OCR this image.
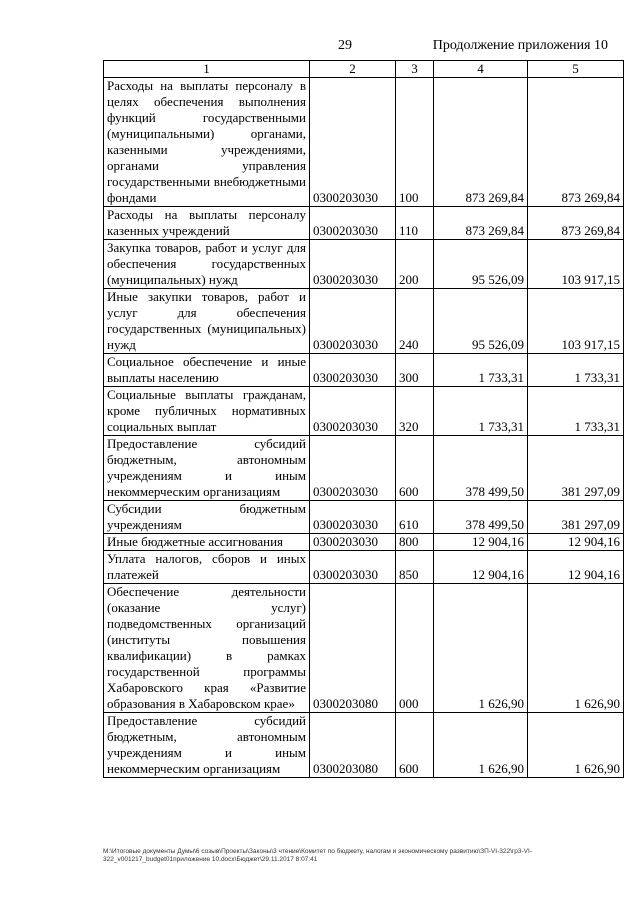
29	Продолжение приложения 10
1	2	3	4	5
Расходы на выплаты персоналу в целях обеспечения выполнения функций государственными (муниципальными) органами, казенными учреждениями, органами управления государственными внебюджетными фондами	0300203030	100	873 269,84	873 269,84
Расходы на выплаты персоналу казенных учреждений	0300203030	110	873 269,84	873 269,84
Закупка товаров, работ и услуг для обеспечения государственных (муниципальных) нужд	0300203030	200	95 526,09	103 917,15
Иные закупки товаров, работ и услуг для обеспечения государственных (муниципальных) нужд	0300203030	240	95 526,09	103 917,15
Социальное обеспечение и иные выплаты населению	0300203030	300	1 733,31	1 733,31
Социальные выплаты гражданам, кроме публичных нормативных социальных выплат	0300203030	320	1 733,31	1 733,31
Предоставление субсидий бюджетным, автономным учреждениям и иным некоммерческим организациям	0300203030	600	378 499,50	381 297,09
Субсидии бюджетным учреждениям	0300203030	610	378 499,50	381 297,09
Иные бюджетные ассигнования	0300203030	800	12 904,16	12 904,16
Уплата налогов, сборов и иных платежей	0300203030	850	12 904,16	12 904,16
Обеспечение деятельности (оказание услуг) подведомственных организаций (институты повышения квалификации) в рамках государственной программы Хабаровского края «Развитие образования в Хабаровском крае»	0300203080	000	1 626,90	1 626,90
Предоставление субсидий бюджетным, автономным учреждениям и иным некоммерческим организациям	0300203080	600	1 626,90	1 626,90
М:\Итоговые документы Думы\6 созыв\Проекты\Законы\3 чтение\Комитет по бюджету, налогам и экономическому развитию\ЗП-VI-322\гр3-VI-322_v001217_budget01приложение 10.docx\Бюджет\29.11.2017 8:07:41
